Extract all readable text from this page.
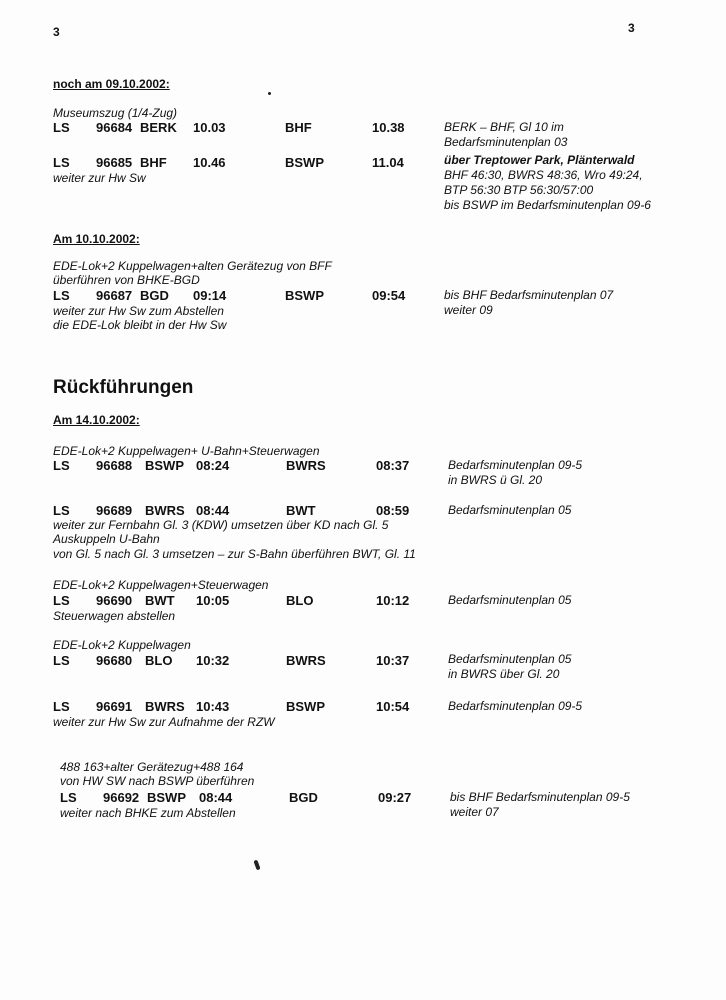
3	3
noch am 09.10.2002:
Museumszug (1/4-Zug)
LS 96684 BERK 10.03	BHF	10.38	BERK – BHF, Gl 10 im
Bedarfsminutenplan 03
LS 96685 BHF 10.46	BSWP	11.04	über Treptower Park, Plänterwald
BHF 46:30, BWRS 48:36, Wro 49:24,
BTP 56:30 BTP 56:30/57:00
bis BSWP im Bedarfsminutenplan 09-6
weiter zur Hw Sw
Am 10.10.2002:
EDE-Lok+2 Kuppelwagen+alten Gerätezug von BFF
überführen von BHKE-BGD
LS 96687 BGD 09:14	BSWP	09:54	bis BHF Bedarfsminutenplan 07
weiter 09
weiter zur Hw Sw zum Abstellen
die EDE-Lok bleibt in der Hw Sw
Rückführungen
Am 14.10.2002:
EDE-Lok+2 Kuppelwagen+ U-Bahn+Steuerwagen
LS 96688 BSWP 08:24	BWRS	08:37	Bedarfsminutenplan 09-5
in BWRS ü Gl. 20
LS 96689 BWRS 08:44	BWT	08:59	Bedarfsminutenplan 05
weiter zur Fernbahn Gl. 3 (KDW) umsetzen über KD nach Gl. 5
Auskuppeln U-Bahn
von Gl. 5 nach Gl. 3 umsetzen – zur S-Bahn überführen BWT, Gl. 11
EDE-Lok+2 Kuppelwagen+Steuerwagen
LS 96690 BWT 10:05	BLO	10:12	Bedarfsminutenplan 05
Steuerwagen abstellen
EDE-Lok+2 Kuppelwagen
LS 96680 BLO 10:32	BWRS	10:37	Bedarfsminutenplan 05
in BWRS über Gl. 20
LS 96691 BWRS 10:43	BSWP	10:54	Bedarfsminutenplan 09-5
weiter zur Hw Sw zur Aufnahme der RZW
488 163+alter Gerätezug+488 164
von HW SW nach BSWP überführen
LS 96692 BSWP 08:44	BGD	09:27	bis BHF Bedarfsminutenplan 09-5
weiter 07
weiter nach BHKE zum Abstellen
